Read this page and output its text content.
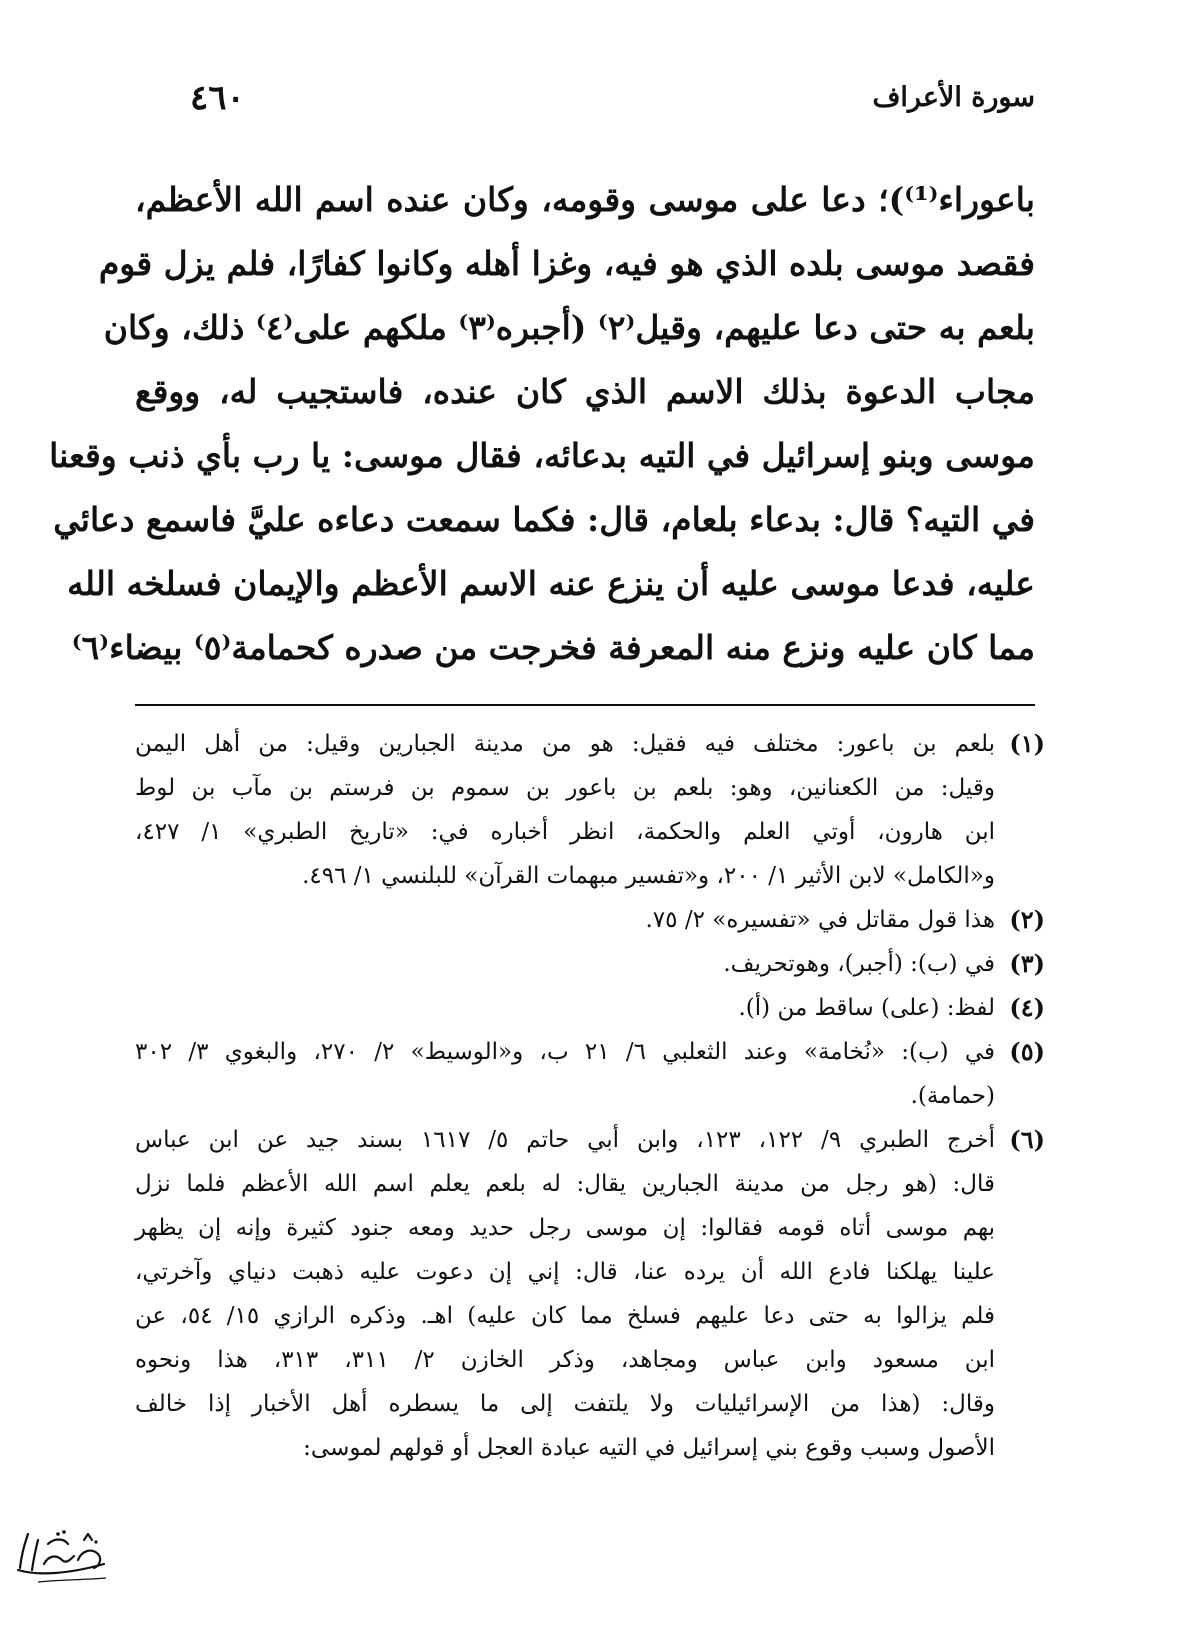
سورة الأعراف
٤٦٠
باعوراء⁽¹⁾)؛ دعا على موسى وقومه، وكان عنده اسم الله الأعظم،
فقصد موسى بلده الذي هو فيه، وغزا أهله وكانوا كفارًا، فلم يزل قوم
بلعم به حتى دعا عليهم، وقيل⁽٢⁾ (أجبره⁽٣⁾ ملكهم على⁽٤⁾ ذلك، وكان
مجاب الدعوة بذلك الاسم الذي كان عنده، فاستجيب له، ووقع
موسى وبنو إسرائيل في التيه بدعائه، فقال موسى: يا رب بأي ذنب وقعنا
في التيه؟ قال: بدعاء بلعام، قال: فكما سمعت دعاءه عليَّ فاسمع دعائي
عليه، فدعا موسى عليه أن ينزع عنه الاسم الأعظم والإيمان فسلخه الله
مما كان عليه ونزع منه المعرفة فخرجت من صدره كحمامة⁽٥⁾ بيضاء⁽٦⁾
(١)
بلعم بن باعور: مختلف فيه فقيل: هو من مدينة الجبارين وقيل: من أهل اليمن
وقيل: من الكعنانين، وهو: بلعم بن باعور بن سموم بن فرستم بن مآب بن لوط
ابن هارون، أوتي العلم والحكمة، انظر أخباره في: «تاريخ الطبري» ١/ ٤٢٧،
و«الكامل» لابن الأثير ١/ ٢٠٠، و«تفسير مبهمات القرآن» للبلنسي ١/ ٤٩٦.
(٢)
هذا قول مقاتل في «تفسيره» ٢/ ٧٥.
(٣)
في (ب): (أجبر)، وهوتحريف.
(٤)
لفظ: (على) ساقط من (أ).
(٥)
في (ب): «نُخامة» وعند الثعلبي ٦/ ٢١ ب، و«الوسيط» ٢/ ٢٧٠، والبغوي ٣/ ٣٠٢
(حمامة).
(٦)
أخرج الطبري ٩/ ١٢٢، ١٢٣، وابن أبي حاتم ٥/ ١٦١٧ بسند جيد عن ابن عباس
قال: (هو رجل من مدينة الجبارين يقال: له بلعم يعلم اسم الله الأعظم فلما نزل
بهم موسى أتاه قومه فقالوا: إن موسى رجل حديد ومعه جنود كثيرة وإنه إن يظهر
علينا يهلكنا فادع الله أن يرده عنا، قال: إني إن دعوت عليه ذهبت دنياي وآخرتي،
فلم يزالوا به حتى دعا عليهم فسلخ مما كان عليه) اهـ. وذكره الرازي ١٥/ ٥٤، عن
ابن مسعود وابن عباس ومجاهد، وذكر الخازن ٢/ ٣١١، ٣١٣، هذا ونحوه
وقال: (هذا من الإسرائيليات ولا يلتفت إلى ما يسطره أهل الأخبار إذا خالف
الأصول وسبب وقوع بني إسرائيل في التيه عبادة العجل أو قولهم لموسى:
